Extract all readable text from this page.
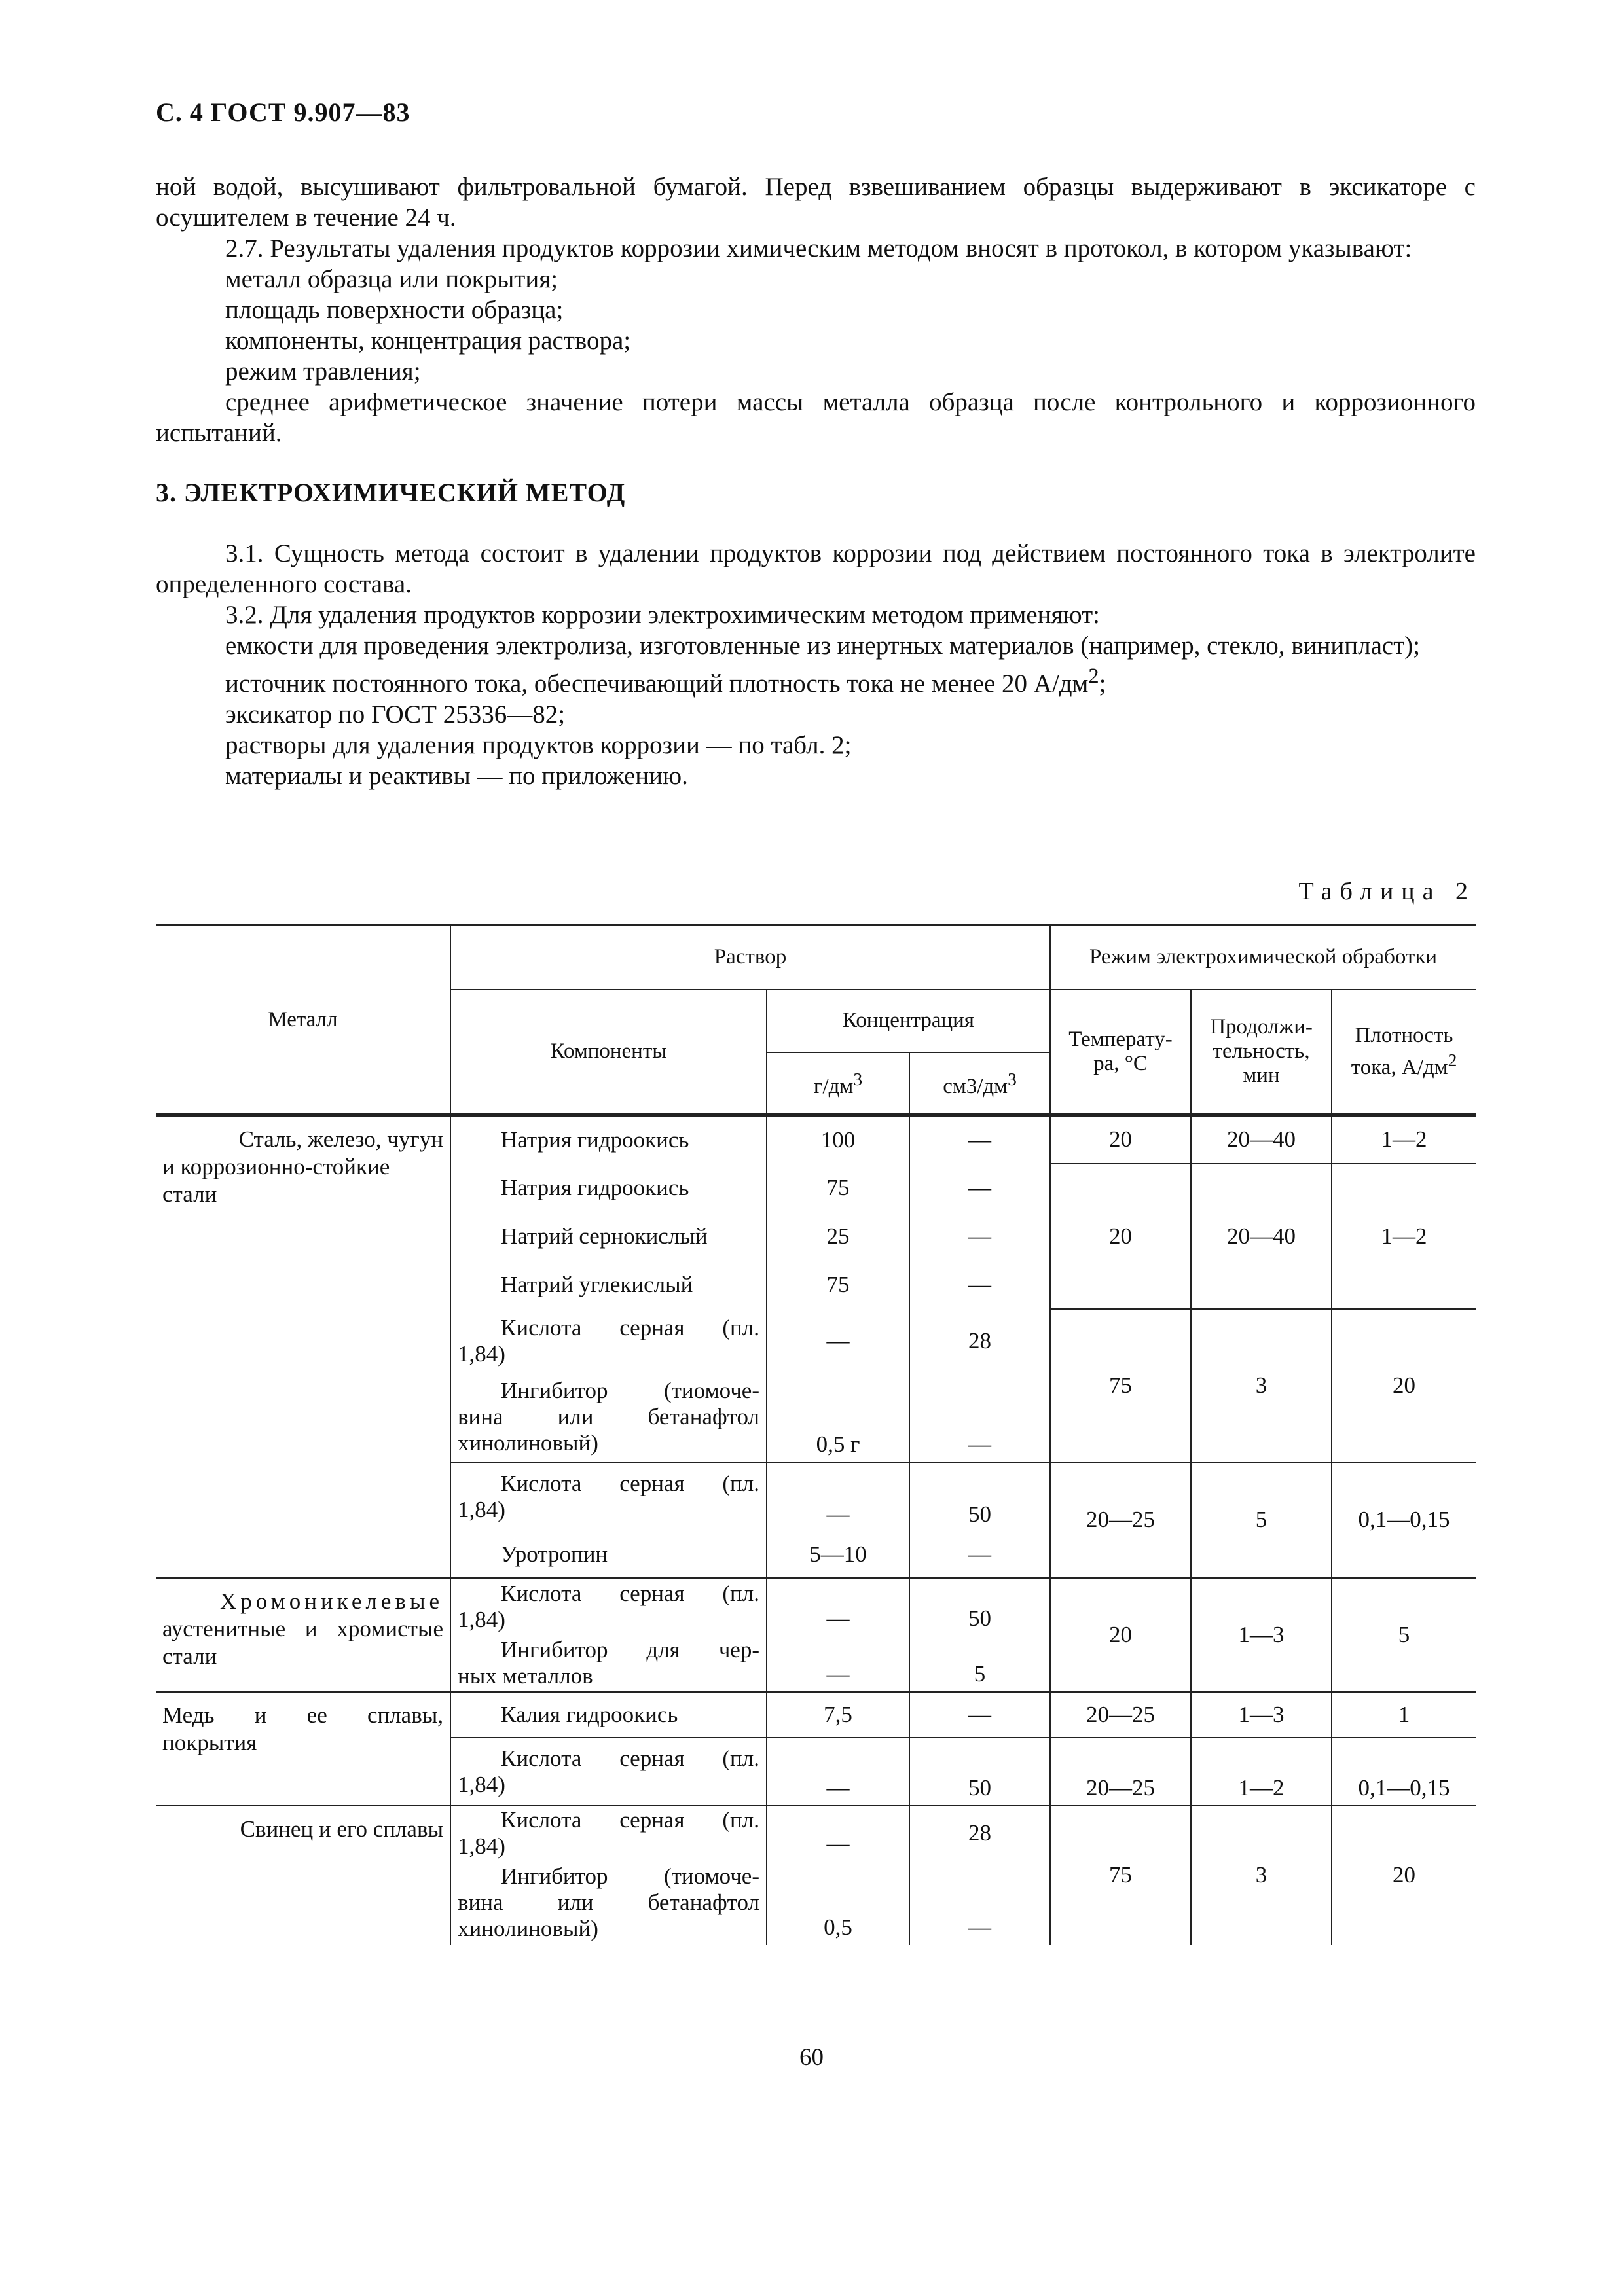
С. 4 ГОСТ 9.907—83

ной водой, высушивают фильтровальной бумагой. Перед взвешиванием образцы выдерживают в эксикаторе с осушителем в течение 24 ч.

2.7. Результаты удаления продуктов коррозии химическим методом вносят в протокол, в котором указывают:

металл образца или покрытия;

площадь поверхности образца;

компоненты, концентрация раствора;

режим травления;

среднее арифметическое значение потери массы металла образца после контрольного и коррозионного испытаний.

3. ЭЛЕКТРОХИМИЧЕСКИЙ МЕТОД

3.1. Сущность метода состоит в удалении продуктов коррозии под действием постоянного тока в электролите определенного состава.

3.2. Для удаления продуктов коррозии электрохимическим методом применяют:

емкости для проведения электролиза, изготовленные из инертных материалов (например, стекло, винипласт);

источник постоянного тока, обеспечивающий плотность тока не менее 20 $А/дм^2$;

эксикатор по ГОСТ 25336—82;

растворы для удаления продуктов коррозии — по табл. 2;

материалы и реактивы — по приложению.

Таблица 2
Металл	Раствор			Режим электрохимической обработки		
	Компоненты	Концентрация		Температу-ра, °С	Продолжи-тельность, мин	Плотность тока, $А/дм^2$
		$г/дм^3$	$см3/дм^3$

Сталь, железо, чугун
и коррозионно-стойкие стали	Натрия гидроокись	100	—	20	20—40	1—2
	Натрия гидроокись	75	—	20	20—40	1—2
	Натрий сернокислый	25	—			
	Натрий углекислый	75	—			

	Кислота серная (пл.
1,84)	—	28	75	3	20

	Ингибитор (тиомоче-
вина или бетанафтол
хинолиновый)	0,5 г	—			

	Кислота серная (пл.
1,84)	—	50	20—25	5	0,1—0,15
	Уротропин	5—10	—			

Хромоникелевые
аустенитные и хромистые стали	Кислота серная (пл.
1,84)	—	50	20	1—3	5

	Ингибитор для чер-
ных металлов	—	5			

Медь и ее сплавы,
покрытия	Калия гидроокись	7,5	—	20—25	1—3	1

	Кислота серная (пл.
1,84)	—	50	20—25	1—2	0,1—0,15

Свинец и его сплавы	Кислота серная (пл.
1,84)	—	28	75	3	20

	Ингибитор (тиомоче-
вина или бетанафтол
хинолиновый)	0,5	—			
60
